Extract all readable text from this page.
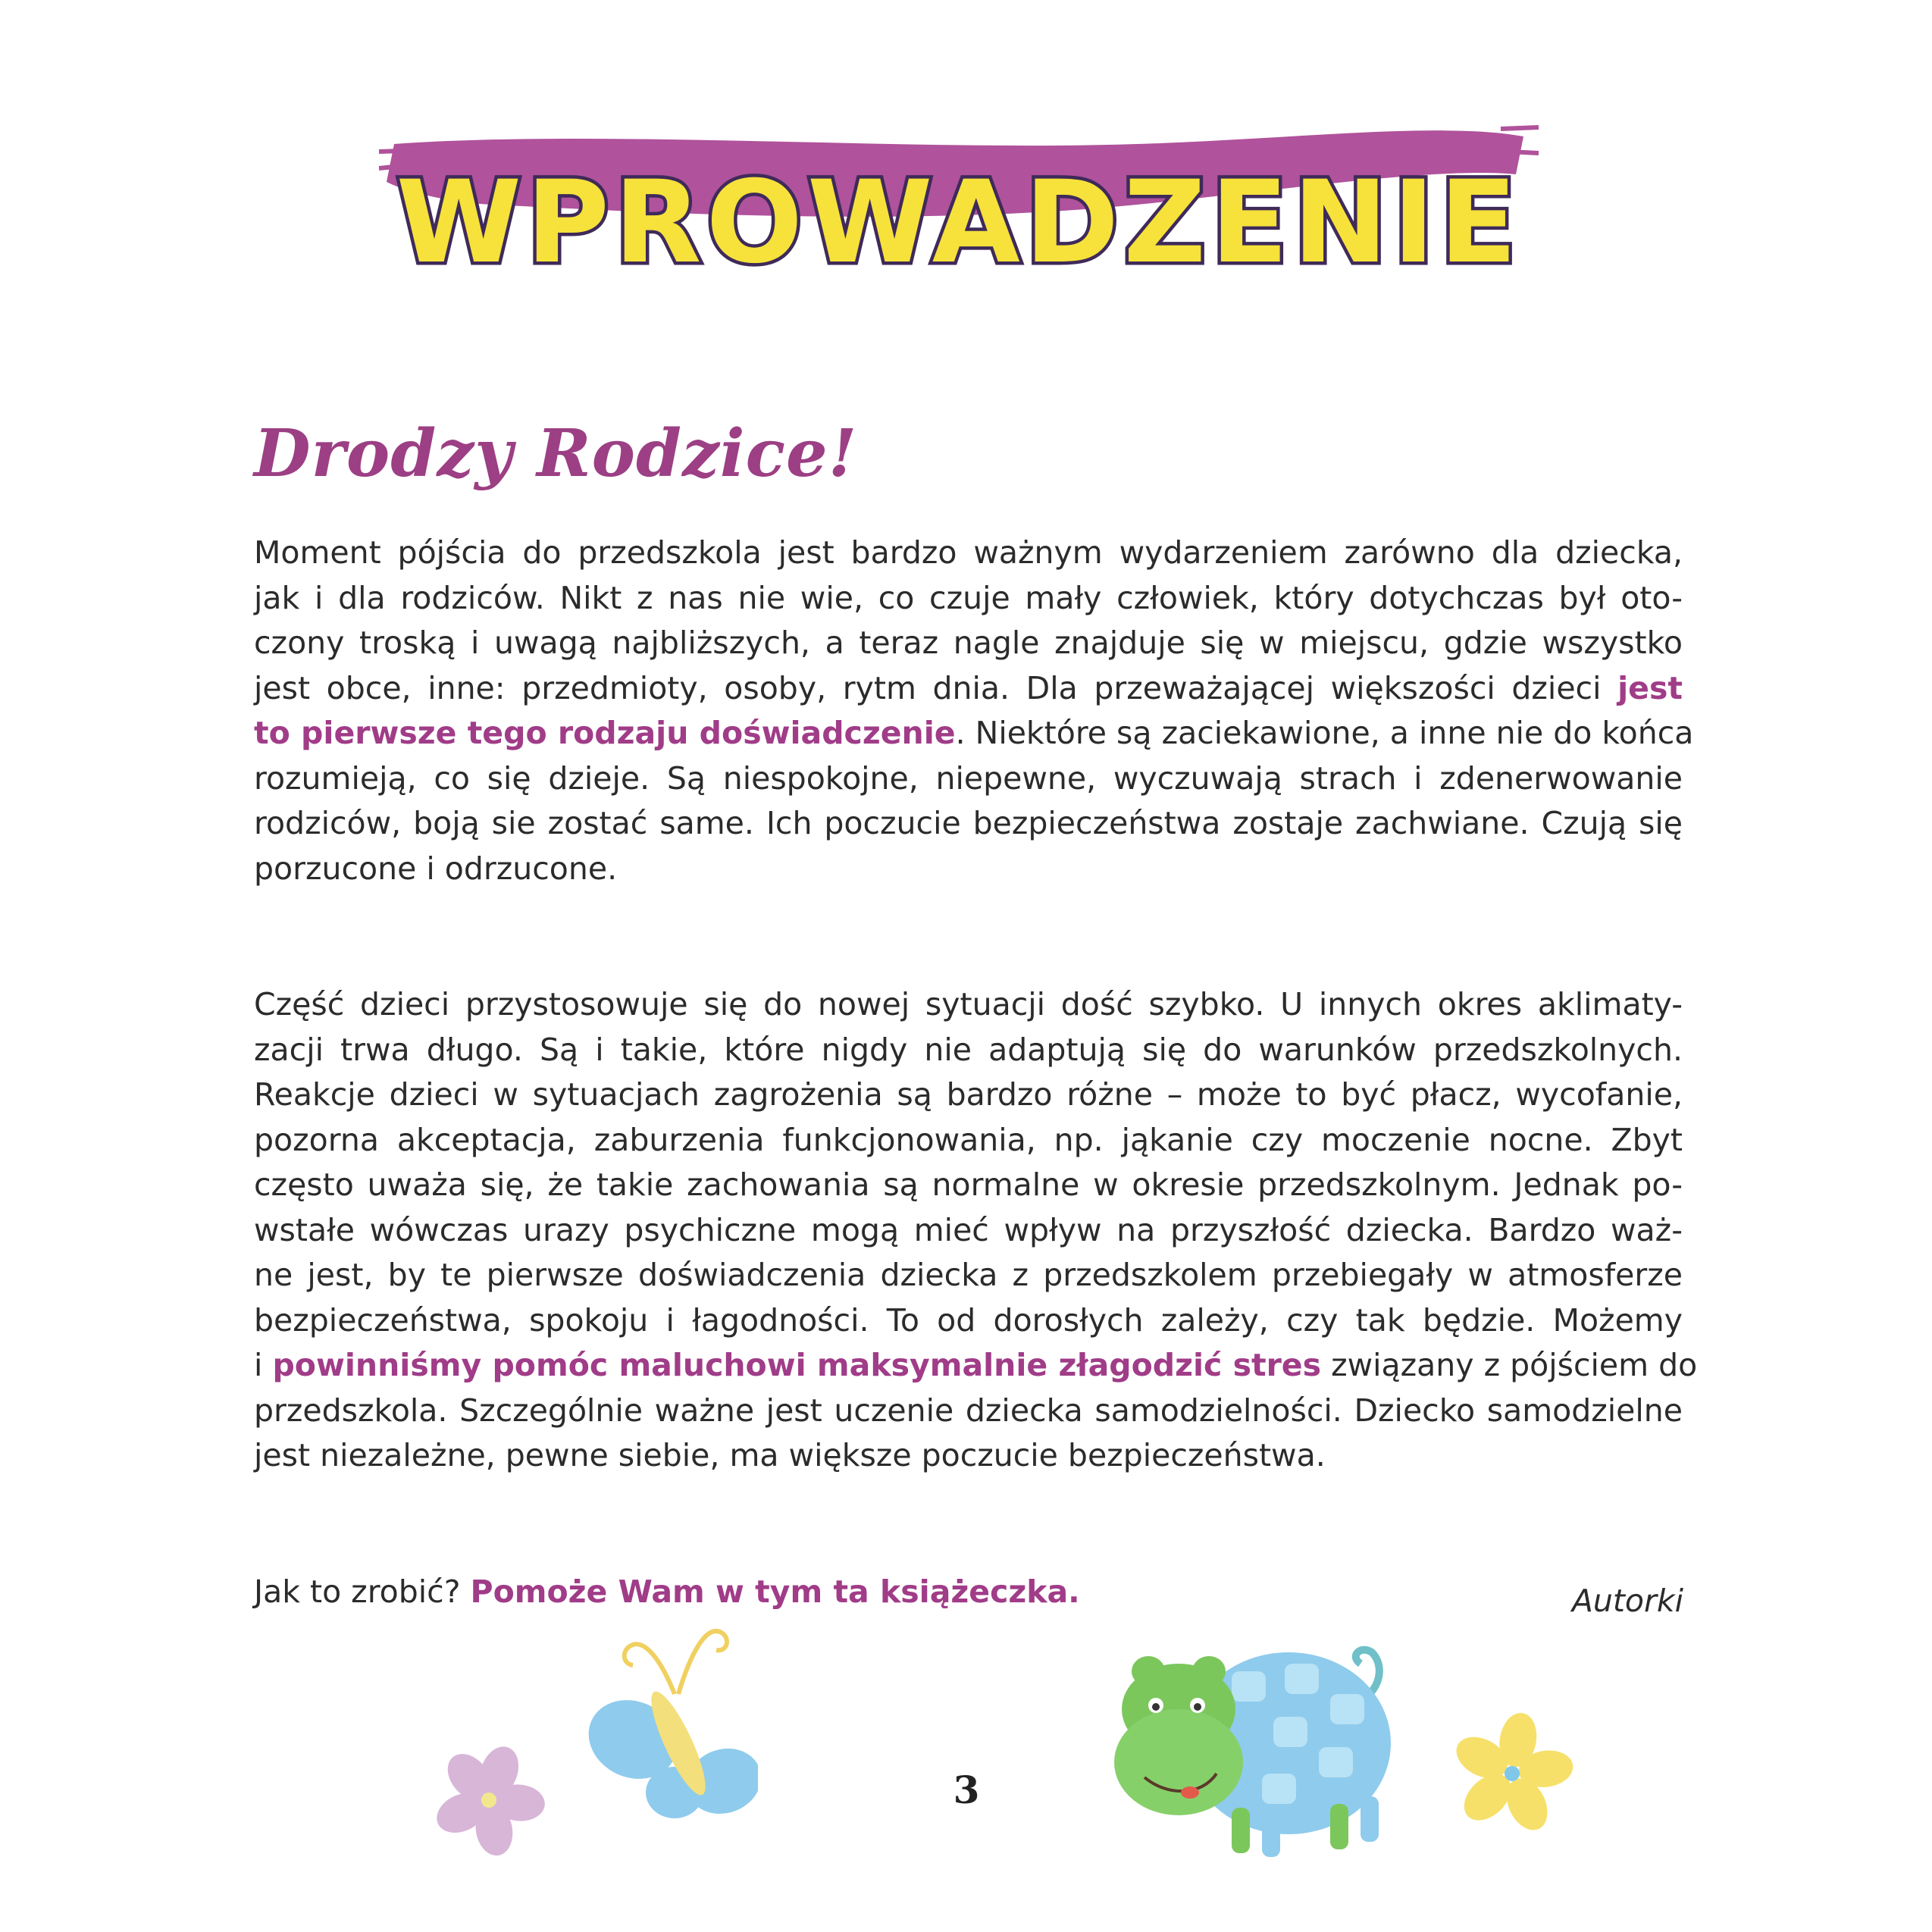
WPROWADZENIE
Drodzy Rodzice!

Moment pójścia do przedszkola jest bardzo ważnym wydarzeniem zarówno dla dziecka,
jak i dla rodziców. Nikt z nas nie wie, co czuje mały człowiek, który dotychczas był oto-
czony troską i uwagą najbliższych, a teraz nagle znajduje się w miejscu, gdzie wszystko
jest obce, inne: przedmioty, osoby, rytm dnia. Dla przeważającej większości dzieci jest
to pierwsze tego rodzaju doświadczenie. Niektóre są zaciekawione, a inne nie do końca
rozumieją, co się dzieje. Są niespokojne, niepewne, wyczuwają strach i zdenerwowanie
rodziców, boją sie zostać same. Ich poczucie bezpieczeństwa zostaje zachwiane. Czują się
porzucone i odrzucone.

Część dzieci przystosowuje się do nowej sytuacji dość szybko. U innych okres aklimaty-
zacji trwa długo. Są i takie, które nigdy nie adaptują się do warunków przedszkolnych.
Reakcje dzieci w sytuacjach zagrożenia są bardzo różne – może to być płacz, wycofanie,
pozorna akceptacja, zaburzenia funkcjonowania, np. jąkanie czy moczenie nocne. Zbyt
często uważa się, że takie zachowania są normalne w okresie przedszkolnym. Jednak po-
wstałe wówczas urazy psychiczne mogą mieć wpływ na przyszłość dziecka. Bardzo waż-
ne jest, by te pierwsze doświadczenia dziecka z przedszkolem przebiegały w atmosferze
bezpieczeństwa, spokoju i łagodności. To od dorosłych zależy, czy tak będzie. Możemy
i powinniśmy pomóc maluchowi maksymalnie złagodzić stres związany z pójściem do
przedszkola. Szczególnie ważne jest uczenie dziecka samodzielności. Dziecko samodzielne
jest niezależne, pewne siebie, ma większe poczucie bezpieczeństwa.

Jak to zrobić? Pomoże Wam w tym ta książeczka.	Autorki

3
